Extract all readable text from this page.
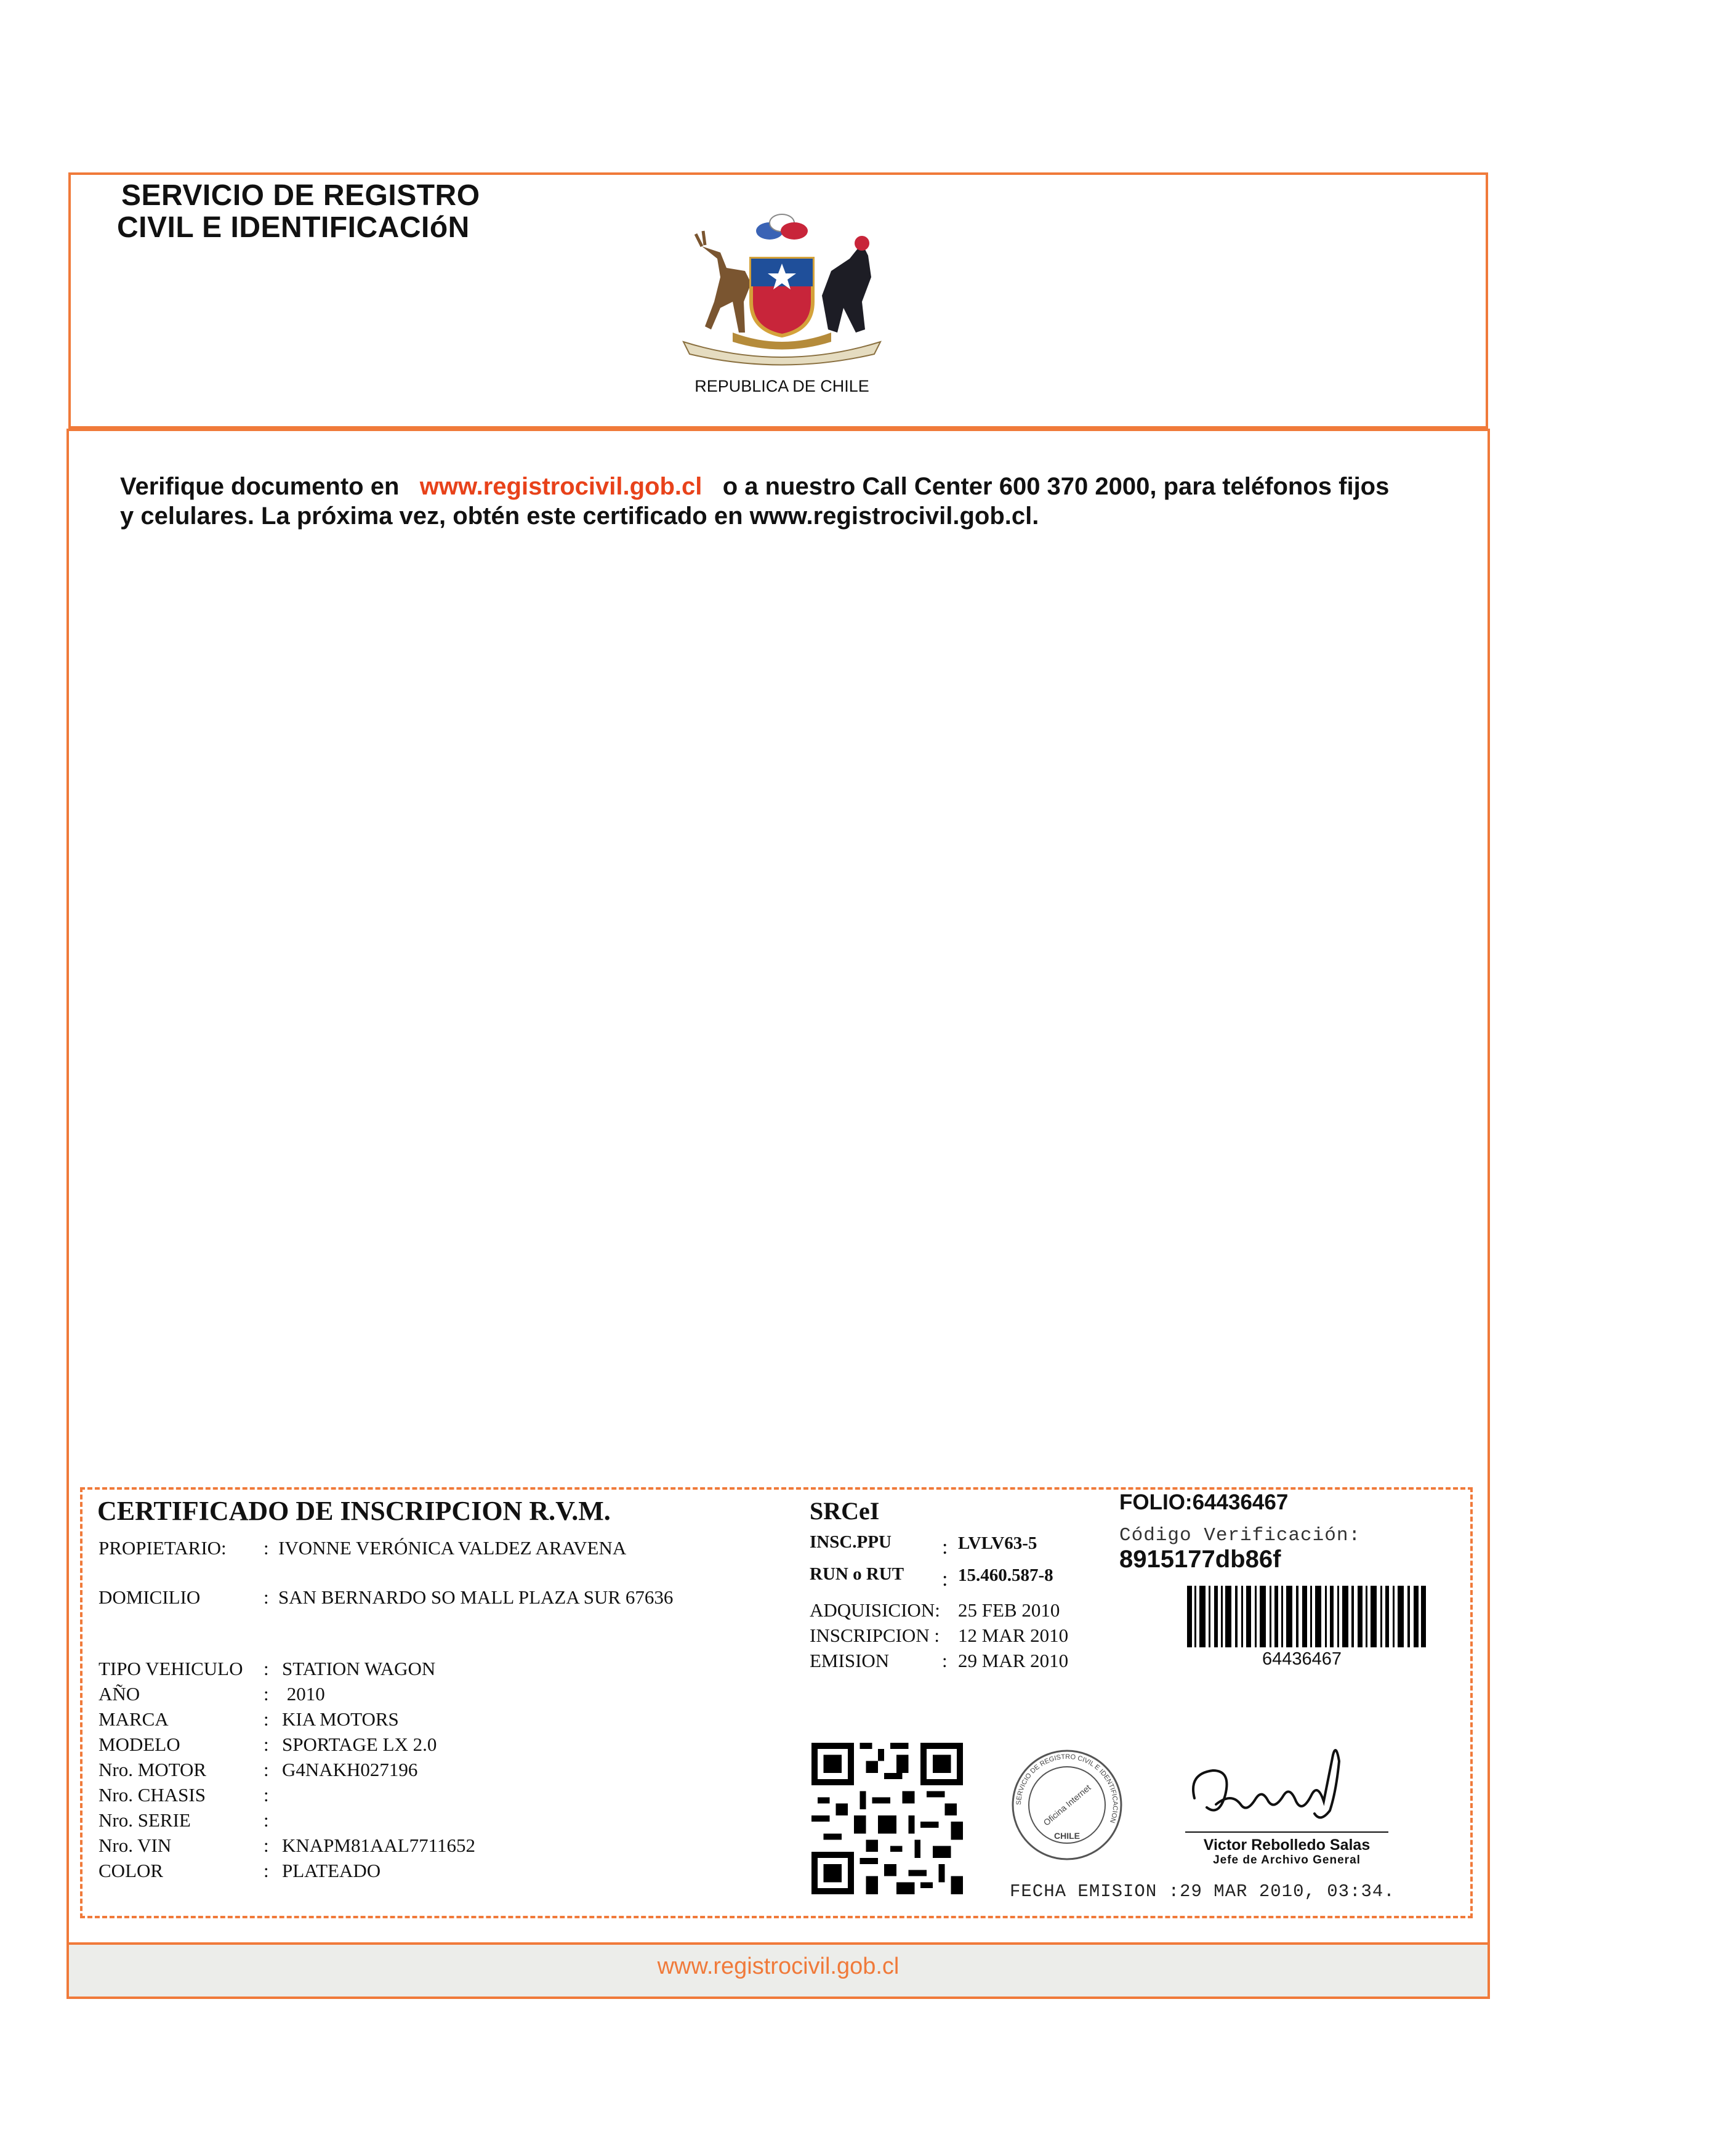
SERVICIO DE REGISTRO
CIVIL E IDENTIFICACIóN
REPUBLICA DE CHILE
Verifique documento en www.registrocivil.gob.cl o a nuestro Call Center 600 370 2000, para teléfonos fijos
y celulares. La próxima vez, obtén este certificado en www.registrocivil.gob.cl.
CERTIFICADO DE INSCRIPCION R.V.M.
PROPIETARIO: : IVONNE VERÓNICA VALDEZ ARAVENA
DOMICILIO	: SAN BERNARDO SO MALL PLAZA SUR 67636
TIPO VEHICULO : STATION WAGON
AÑO	: 2010
MARCA	: KIA MOTORS
MODELO	: SPORTAGE LX 2.0
Nro. MOTOR	: G4NAKH027196
Nro. CHASIS	:
Nro. SERIE	:
Nro. VIN	: KNAPM81AAL7711652
COLOR	: PLATEADO
SRCeI
INSC.PPU : LVLV63-5
RUN o RUT : 15.460.587-8
ADQUISICION: 25 FEB 2010
INSCRIPCION : 12 MAR 2010
EMISION	: 29 MAR 2010
FOLIO:64436467
Código Verificación:
8915177db86f
64436467
SERVICIO DE REGISTRO CIVIL E IDENTIFICACION
Oficina Internet
CHILE
Victor Rebolledo Salas
Jefe de Archivo General
FECHA EMISION :29 MAR 2010, 03:34.
www.registrocivil.gob.cl
